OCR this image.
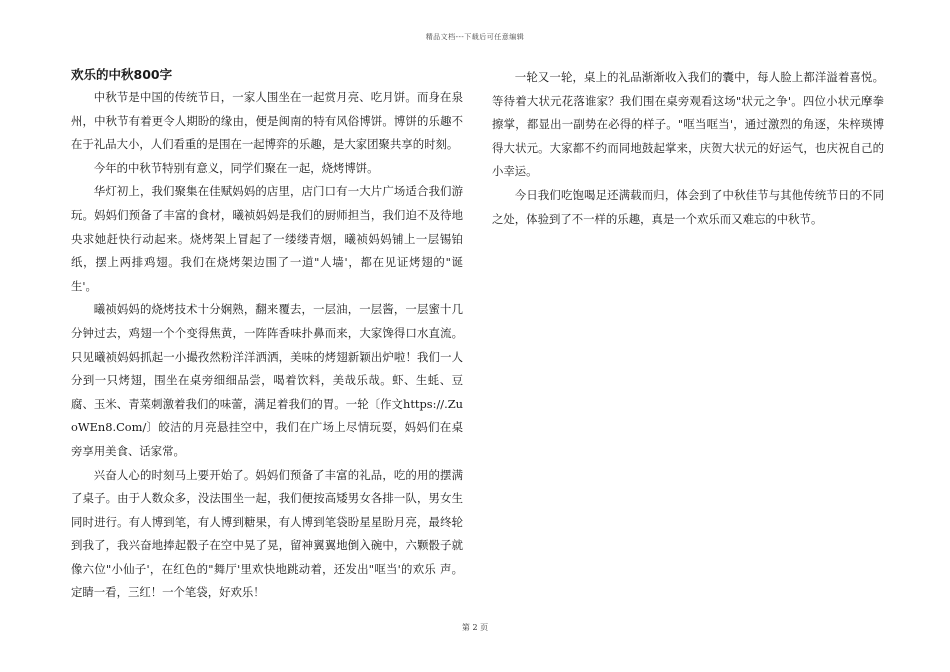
精品文档---下载后可任意编辑
欢乐的中秋800字

中秋节是中国的传统节日，一家人围坐在一起赏月亮、吃月饼。而身在泉州，中秋节有着更令人期盼的缘由，便是闽南的特有风俗博饼。博饼的乐趣不在于礼品大小，人们看重的是围在一起博弈的乐趣，是大家团聚共享的时刻。

今年的中秋节特别有意义，同学们聚在一起，烧烤博饼。

华灯初上，我们聚集在佳赋妈妈的店里，店门口有一大片广场适合我们游玩。妈妈们预备了丰富的食材，曦祯妈妈是我们的厨师担当，我们迫不及待地央求她赶快行动起来。烧烤架上冒起了一缕缕青烟，曦祯妈妈铺上一层锡铂纸，摆上两排鸡翅。我们在烧烤架边围了一道"人墙'，都在见证烤翅的"诞生'。

曦祯妈妈的烧烤技术十分娴熟，翻来覆去，一层油，一层酱，一层蜜十几分钟过去，鸡翅一个个变得焦黄，一阵阵香味扑鼻而来，大家馋得口水直流。只见曦祯妈妈抓起一小撮孜然粉洋洋洒洒，美味的烤翅新颖出炉啦！我们一人分到一只烤翅，围坐在桌旁细细品尝，喝着饮料，美哉乐哉。虾、生蚝、豆腐、玉米、青菜刺激着我们的味蕾，满足着我们的胃。一轮〔作文https://.ZuoWEn8.Com/〕皎洁的月亮悬挂空中，我们在广场上尽情玩耍，妈妈们在桌旁享用美食、话家常。

兴奋人心的时刻马上要开始了。妈妈们预备了丰富的礼品，吃的用的摆满了桌子。由于人数众多，没法围坐一起，我们便按高矮男女各排一队，男女生同时进行。有人博到笔，有人博到糖果，有人博到笔袋盼星星盼月亮，最终轮到我了，我兴奋地捧起骰子在空中晃了晃，留神翼翼地倒入碗中，六颗骰子就像六位"小仙子'，在红色的"舞厅'里欢快地跳动着，还发出"哐当'的欢乐 声。定睛一看，三红！一个笔袋，好欢乐！

一轮又一轮，桌上的礼品渐渐收入我们的囊中，每人脸上都洋溢着喜悦。等待着大状元花落谁家？我们围在桌旁观看这场"状元之争'。四位小状元摩拳擦掌，都显出一副势在必得的样子。"哐当哐当'，通过激烈的角逐，朱梓瑛博得大状元。大家都不约而同地鼓起掌来，庆贺大状元的好运气，也庆祝自己的小幸运。

今日我们吃饱喝足还满载而归，体会到了中秋佳节与其他传统节日的不同之处，体验到了不一样的乐趣，真是一个欢乐而又难忘的中秋节。

第 2 页
